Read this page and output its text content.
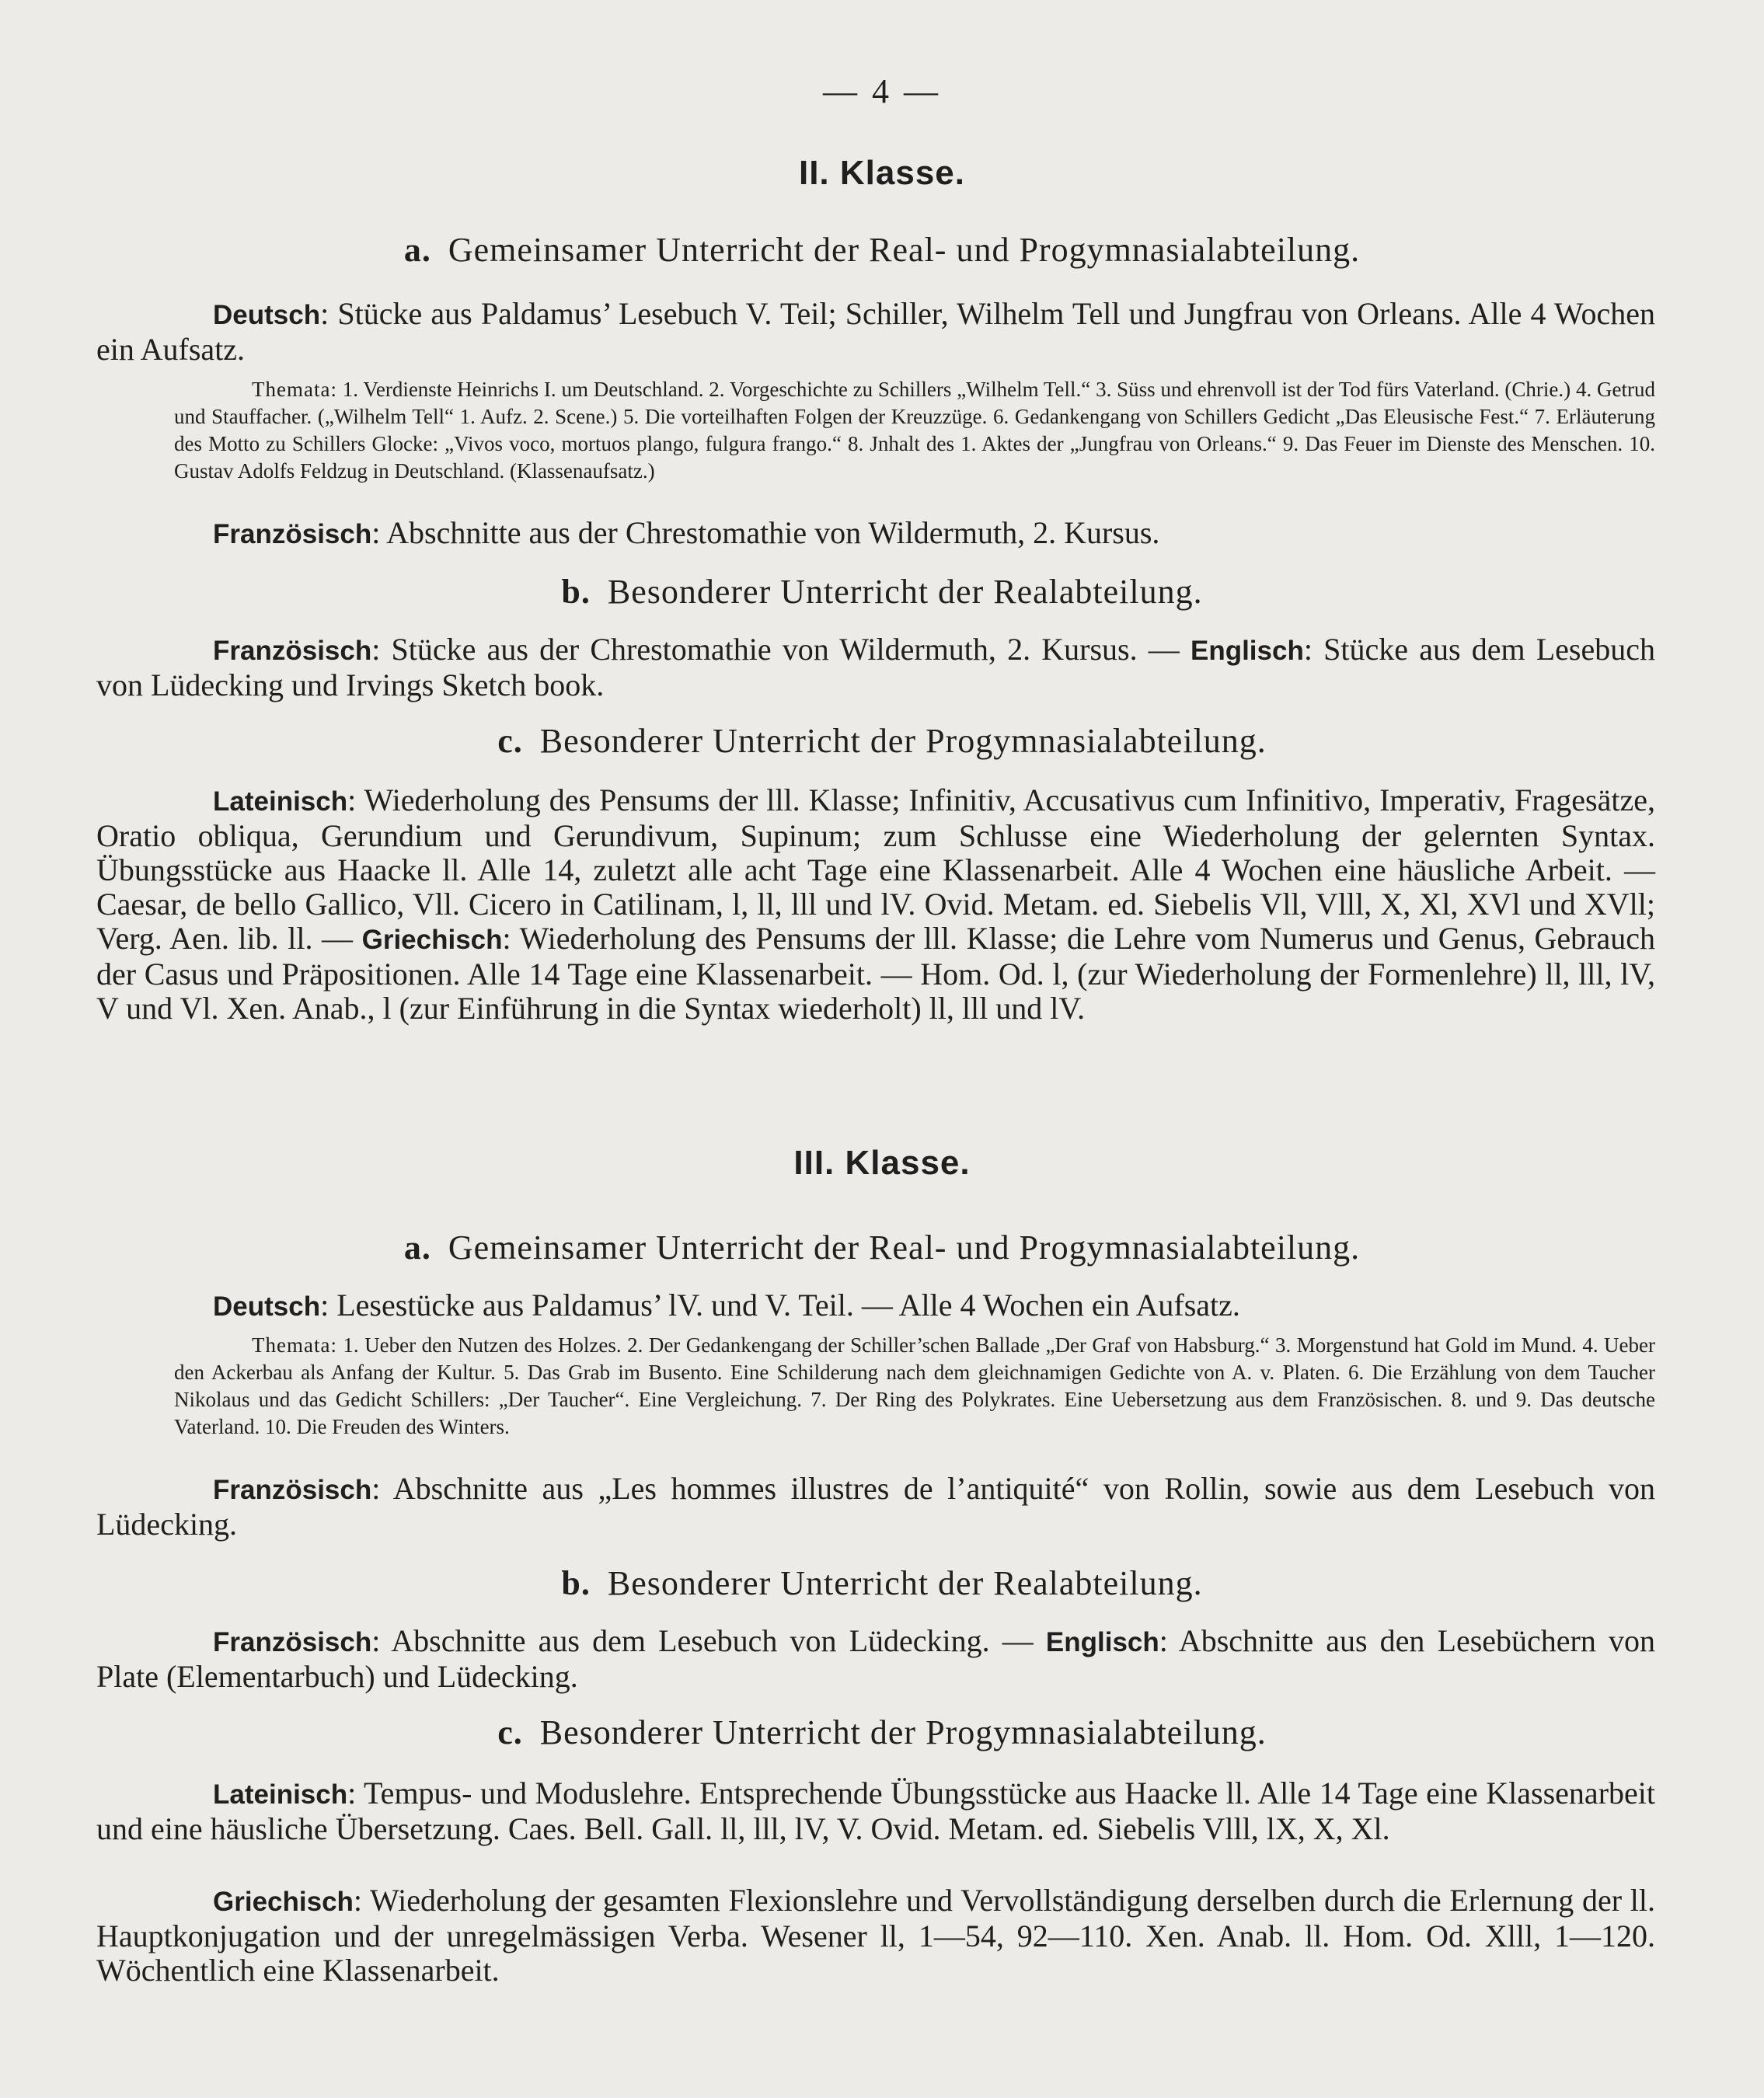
— 4 —
II. Klasse.
a. Gemeinsamer Unterricht der Real- und Progymnasialabteilung.
Deutsch: Stücke aus Paldamus’ Lesebuch V. Teil; Schiller, Wilhelm Tell und Jungfrau von Orleans. Alle 4 Wochen ein Aufsatz.
Themata: 1. Verdienste Heinrichs I. um Deutschland. 2. Vorgeschichte zu Schillers „Wilhelm Tell.“ 3. Süss und ehrenvoll ist der Tod fürs Vaterland. (Chrie.) 4. Getrud und Stauffacher. („Wilhelm Tell“ 1. Aufz. 2. Scene.) 5. Die vorteilhaften Folgen der Kreuzzüge. 6. Gedankengang von Schillers Gedicht „Das Eleusische Fest.“ 7. Erläuterung des Motto zu Schillers Glocke: „Vivos voco, mortuos plango, fulgura frango.“ 8. Jnhalt des 1. Aktes der „Jungfrau von Orleans.“ 9. Das Feuer im Dienste des Menschen. 10. Gustav Adolfs Feldzug in Deutschland. (Klassenaufsatz.)
Französisch: Abschnitte aus der Chrestomathie von Wildermuth, 2. Kursus.
b. Besonderer Unterricht der Realabteilung.
Französisch: Stücke aus der Chrestomathie von Wildermuth, 2. Kursus. — Englisch: Stücke aus dem Lesebuch von Lüdecking und Irvings Sketch book.
c. Besonderer Unterricht der Progymnasialabteilung.
Lateinisch: Wiederholung des Pensums der lll. Klasse; Infinitiv, Accusativus cum Infinitivo, Imperativ, Fragesätze, Oratio obliqua, Gerundium und Gerundivum, Supinum; zum Schlusse eine Wiederholung der gelernten Syntax. Übungsstücke aus Haacke ll. Alle 14, zuletzt alle acht Tage eine Klassenarbeit. Alle 4 Wochen eine häusliche Arbeit. — Caesar, de bello Gallico, Vll. Cicero in Catilinam, l, ll, lll und lV. Ovid. Metam. ed. Siebelis Vll, Vlll, X, Xl, XVl und XVll; Verg. Aen. lib. ll. — Griechisch: Wiederholung des Pensums der lll. Klasse; die Lehre vom Numerus und Genus, Gebrauch der Casus und Präpositionen. Alle 14 Tage eine Klassenarbeit. — Hom. Od. l, (zur Wiederholung der Formenlehre) ll, lll, lV, V und Vl. Xen. Anab., l (zur Einführung in die Syntax wiederholt) ll, lll und lV.
III. Klasse.
a. Gemeinsamer Unterricht der Real- und Progymnasialabteilung.
Deutsch: Lesestücke aus Paldamus’ lV. und V. Teil. — Alle 4 Wochen ein Aufsatz.
Themata: 1. Ueber den Nutzen des Holzes. 2. Der Gedankengang der Schiller’schen Ballade „Der Graf von Habsburg.“ 3. Morgenstund hat Gold im Mund. 4. Ueber den Ackerbau als Anfang der Kultur. 5. Das Grab im Busento. Eine Schilderung nach dem gleichnamigen Gedichte von A. v. Platen. 6. Die Erzählung von dem Taucher Nikolaus und das Gedicht Schillers: „Der Taucher“. Eine Vergleichung. 7. Der Ring des Polykrates. Eine Uebersetzung aus dem Französischen. 8. und 9. Das deutsche Vaterland. 10. Die Freuden des Winters.
Französisch: Abschnitte aus „Les hommes illustres de l’antiquité“ von Rollin, sowie aus dem Lesebuch von Lüdecking.
b. Besonderer Unterricht der Realabteilung.
Französisch: Abschnitte aus dem Lesebuch von Lüdecking. — Englisch: Abschnitte aus den Lesebüchern von Plate (Elementarbuch) und Lüdecking.
c. Besonderer Unterricht der Progymnasialabteilung.
Lateinisch: Tempus- und Moduslehre. Entsprechende Übungsstücke aus Haacke ll. Alle 14 Tage eine Klassenarbeit und eine häusliche Übersetzung. Caes. Bell. Gall. ll, lll, lV, V. Ovid. Metam. ed. Siebelis Vlll, lX, X, Xl.
Griechisch: Wiederholung der gesamten Flexionslehre und Vervollständigung derselben durch die Erlernung der ll. Hauptkonjugation und der unregelmässigen Verba. Wesener ll, 1—54, 92—110. Xen. Anab. ll. Hom. Od. Xlll, 1—120. Wöchentlich eine Klassenarbeit.
